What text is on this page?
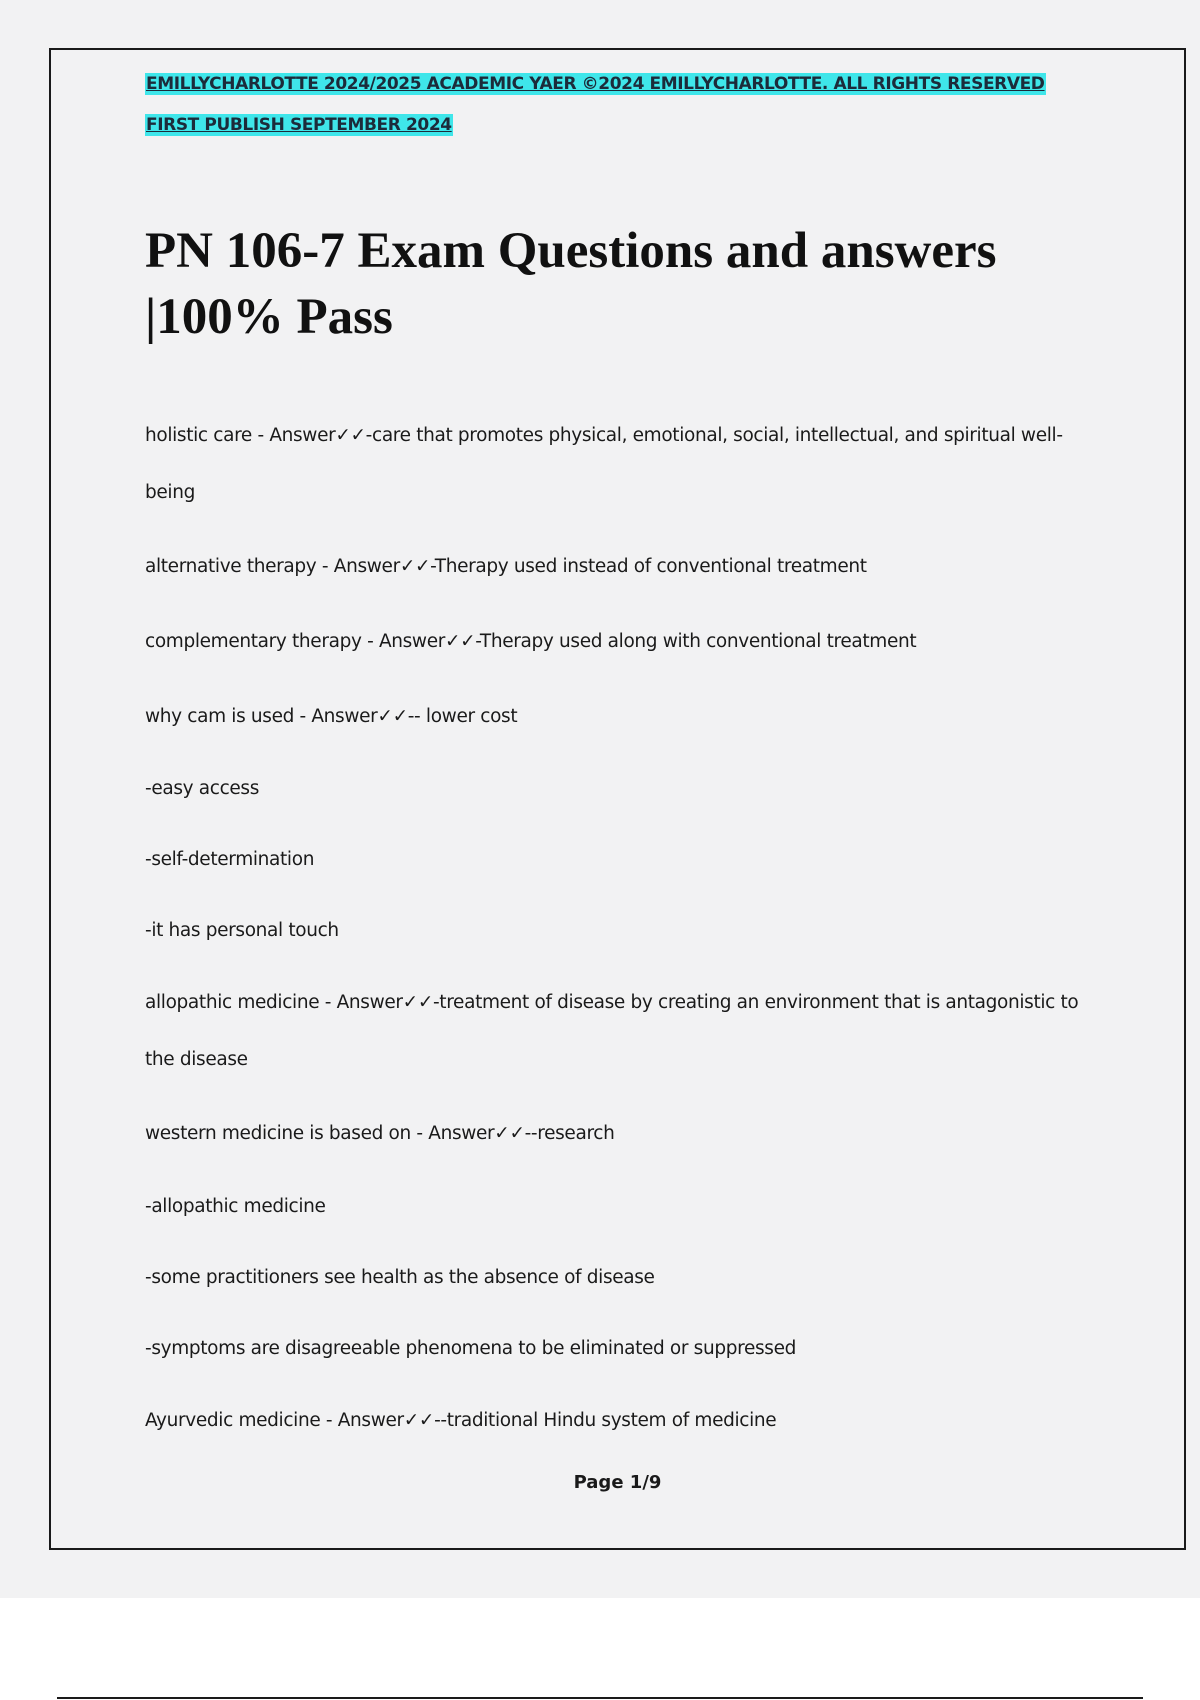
EMILLYCHARLOTTE 2024/2025 ACADEMIC YAER ©2024 EMILLYCHARLOTTE. ALL RIGHTS RESERVED
FIRST PUBLISH SEPTEMBER 2024
PN 106-7 Exam Questions and answers |100% Pass
holistic care - Answer✓✓-care that promotes physical, emotional, social, intellectual, and spiritual well-being
alternative therapy - Answer✓✓-Therapy used instead of conventional treatment
complementary therapy - Answer✓✓-Therapy used along with conventional treatment
why cam is used - Answer✓✓-- lower cost
-easy access
-self-determination
-it has personal touch
allopathic medicine - Answer✓✓-treatment of disease by creating an environment that is antagonistic to the disease
western medicine is based on - Answer✓✓--research
-allopathic medicine
-some practitioners see health as the absence of disease
-symptoms are disagreeable phenomena to be eliminated or suppressed
Ayurvedic medicine - Answer✓✓--traditional Hindu system of medicine
Page 1/9
